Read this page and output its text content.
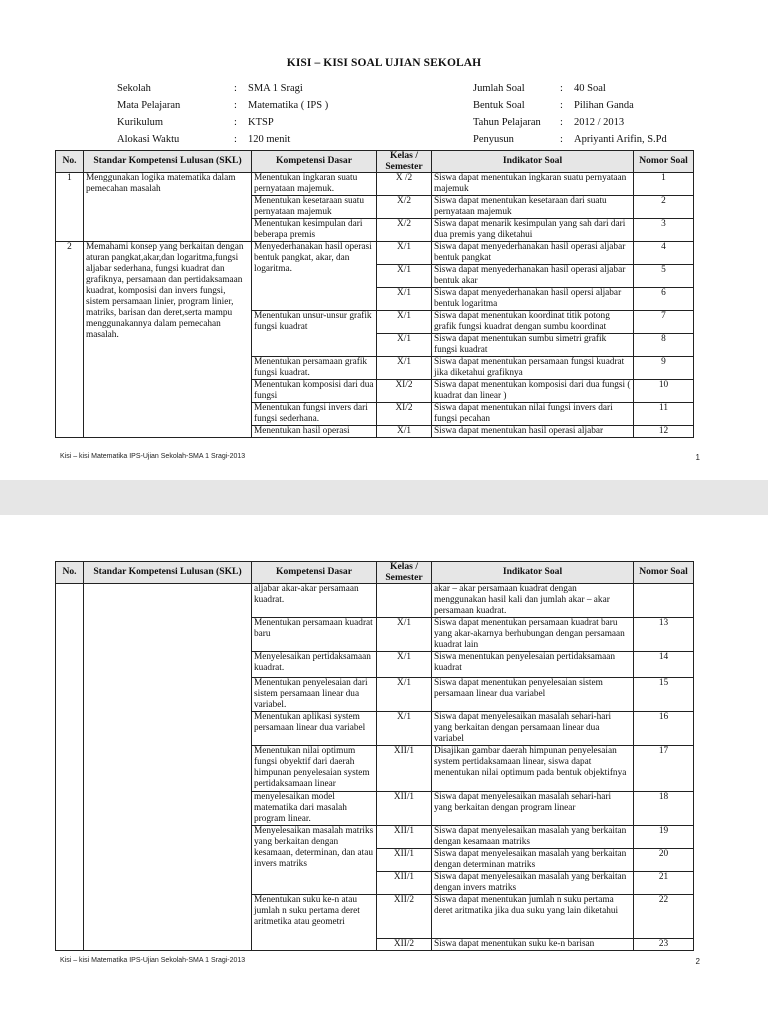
KISI – KISI SOAL UJIAN SEKOLAH
Sekolah	:	SMA 1 Sragi
Mata Pelajaran	:	Matematika ( IPS )
Kurikulum	:	KTSP
Alokasi Waktu	:	120 menit
Jumlah Soal	:	40 Soal
Bentuk Soal	:	Pilihan Ganda
Tahun Pelajaran	:	2012 / 2013
Penyusun	:	Apriyanti Arifin, S.Pd
No.	Standar Kompetensi Lulusan (SKL)	Kompetensi Dasar	Kelas / Semester	Indikator Soal	Nomor Soal
1	Menggunakan logika matematika dalam pemecahan masalah	Menentukan ingkaran suatu pernyataan majemuk.	X /2	Siswa dapat menentukan ingkaran suatu pernyataan majemuk	1
		Menentukan kesetaraan suatu pernyataan majemuk	X/2	Siswa dapat menentukan kesetaraan dari suatu pernyataan majemuk	2
		Menentukan kesimpulan dari beberapa premis	X/2	Siswa dapat menarik kesimpulan yang sah dari dari dua premis yang diketahui	3
2	Memahami konsep yang berkaitan dengan aturan pangkat,akar,dan logaritma,fungsi aljabar sederhana, fungsi kuadrat dan grafiknya, persamaan dan pertidaksamaan kuadrat, komposisi dan invers fungsi, sistem persamaan linier, program linier, matriks, barisan dan deret,serta mampu menggunakannya dalam pemecahan masalah.	Menyederhanakan hasil operasi bentuk pangkat, akar, dan logaritma.	X/1	Siswa dapat menyederhanakan hasil operasi aljabar bentuk pangkat	4
			X/1	Siswa dapat menyederhanakan hasil operasi aljabar bentuk akar	5
			X/1	Siswa dapat menyederhanakan hasil opersi aljabar bentuk logaritma	6
		Menentukan unsur-unsur grafik fungsi kuadrat	X/1	Siswa dapat menentukan koordinat titik potong grafik fungsi kuadrat dengan sumbu koordinat	7
			X/1	Siswa dapat menentukan sumbu simetri grafik fungsi kuadrat	8
		Menentukan persamaan grafik fungsi kuadrat.	X/1	Siswa dapat menentukan persamaan fungsi kuadrat jika diketahui grafiknya	9
		Menentukan komposisi dari dua fungsi	XI/2	Siswa dapat menentukan komposisi dari dua fungsi ( kuadrat dan linear )	10
		Menentukan fungsi invers dari fungsi sederhana.	XI/2	Siswa dapat menentukan nilai fungsi invers dari fungsi pecahan	11
		Menentukan hasil operasi	X/1	Siswa dapat menentukan hasil operasi aljabar	12
Kisi – kisi Matematika IPS-Ujian Sekolah-SMA 1 Sragi-2013	1
Kisi – kisi Matematika IPS-Ujian Sekolah-SMA 1 Sragi-2013	2
No.	Standar Kompetensi Lulusan (SKL)	Kompetensi Dasar	Kelas / Semester	Indikator Soal	Nomor Soal
		aljabar akar-akar persamaan kuadrat.		akar – akar persamaan kuadrat dengan menggunakan hasil kali dan jumlah akar – akar persamaan kuadrat.	
		Menentukan persamaan kuadrat baru	X/1	Siswa dapat menentukan persamaan kuadrat baru yang akar-akarnya berhubungan dengan persamaan kuadrat lain	13
		Menyelesaikan pertidaksamaan kuadrat.	X/1	Siswa menentukan penyelesaian pertidaksamaan kuadrat	14
		Menentukan penyelesaian dari sistem persamaan linear dua variabel.	X/1	Siswa dapat menentukan penyelesaian sistem persamaan linear dua variabel	15
		Menentukan aplikasi system persamaan linear dua variabel	X/1	Siswa dapat menyelesaikan masalah sehari-hari yang berkaitan dengan persamaan linear dua variabel	16
		Menentukan nilai optimum fungsi obyektif dari daerah himpunan penyelesaian system pertidaksamaan linear	XII/1	Disajikan gambar daerah himpunan penyelesaian system pertidaksamaan linear, siswa dapat menentukan nilai optimum pada bentuk objektifnya	17
		menyelesaikan model matematika dari masalah program linear.	XII/1	Siswa dapat menyelesaikan masalah sehari-hari yang berkaitan dengan program linear	18
		Menyelesaikan masalah matriks yang berkaitan dengan kesamaan, determinan, dan atau invers matriks	XII/1	Siswa dapat menyelesaikan masalah yang berkaitan dengan kesamaan matriks	19
			XII/1	Siswa dapat menyelesaikan masalah yang berkaitan dengan determinan matriks	20
			XII/1	Siswa dapat menyelesaikan masalah yang berkaitan dengan invers matriks	21
		Menentukan suku ke-n atau jumlah n suku pertama deret aritmetika atau geometri	XII/2	Siswa dapat menentukan jumlah n suku pertama deret aritmatika jika dua suku yang lain diketahui	22
			XII/2	Siswa dapat menentukan suku ke-n barisan	23
